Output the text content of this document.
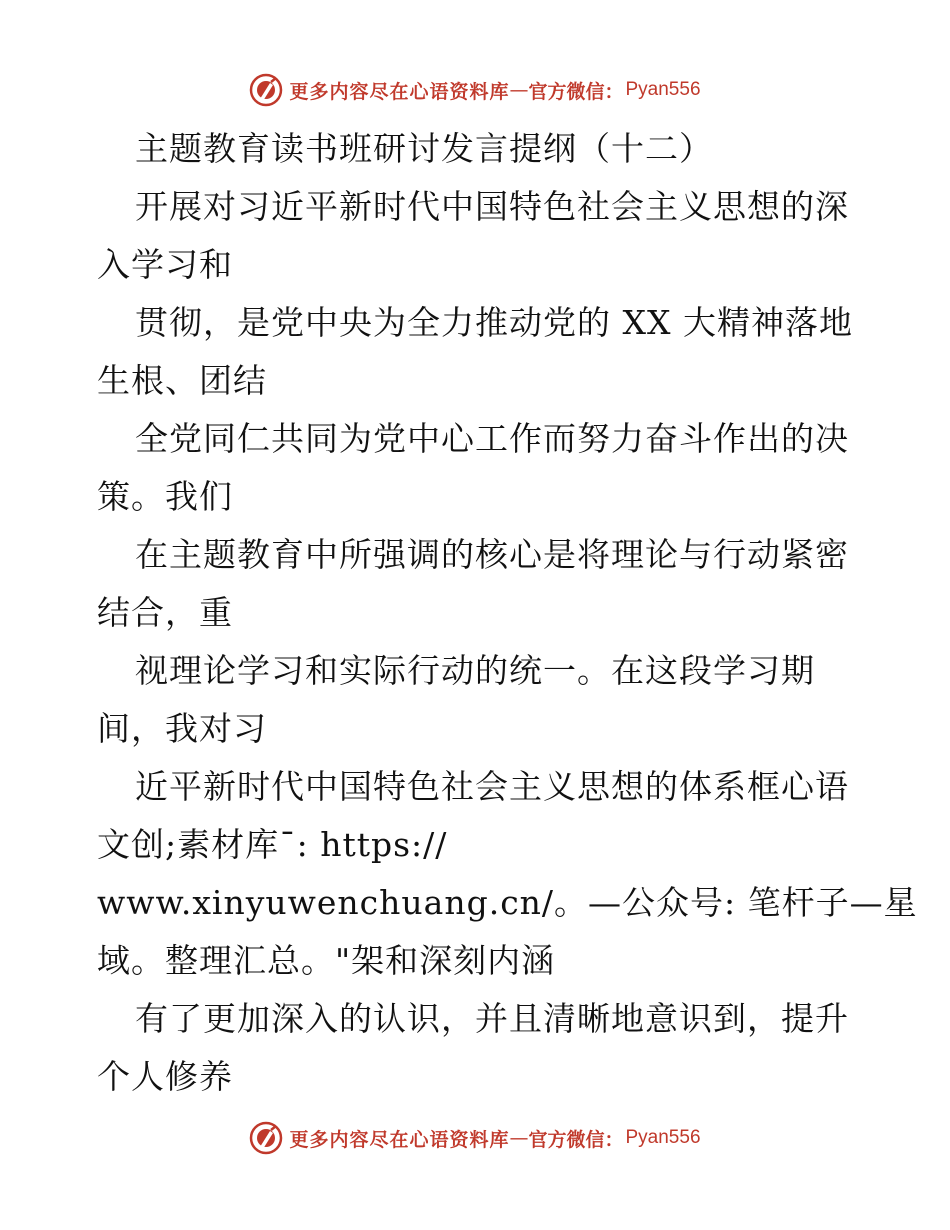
更多内容尽在心语资料库 — 官方微信： Pyan556
主题教育读书班研讨发言提纲（十二）
开展对习近平新时代中国特色社会主义思想的深
入学习和
贯彻，是党中央为全力推动党的 XX 大精神落地
生根、团结
全党同仁共同为党中心工作而努力奋斗作出的决
策。我们
在主题教育中所强调的核心是将理论与行动紧密
结合，重
视理论学习和实际行动的统一。在这段学习期
间，我对习
近平新时代中国特色社会主义思想的体系框心语
文创;素材库¯: https://
www.xinyuwenchuang.cn/。—公众号: 笔杆子—星
域。整理汇总。"架和深刻内涵
有了更加深入的认识，并且清晰地意识到，提升
个人修养
更多内容尽在心语资料库 — 官方微信： Pyan556
